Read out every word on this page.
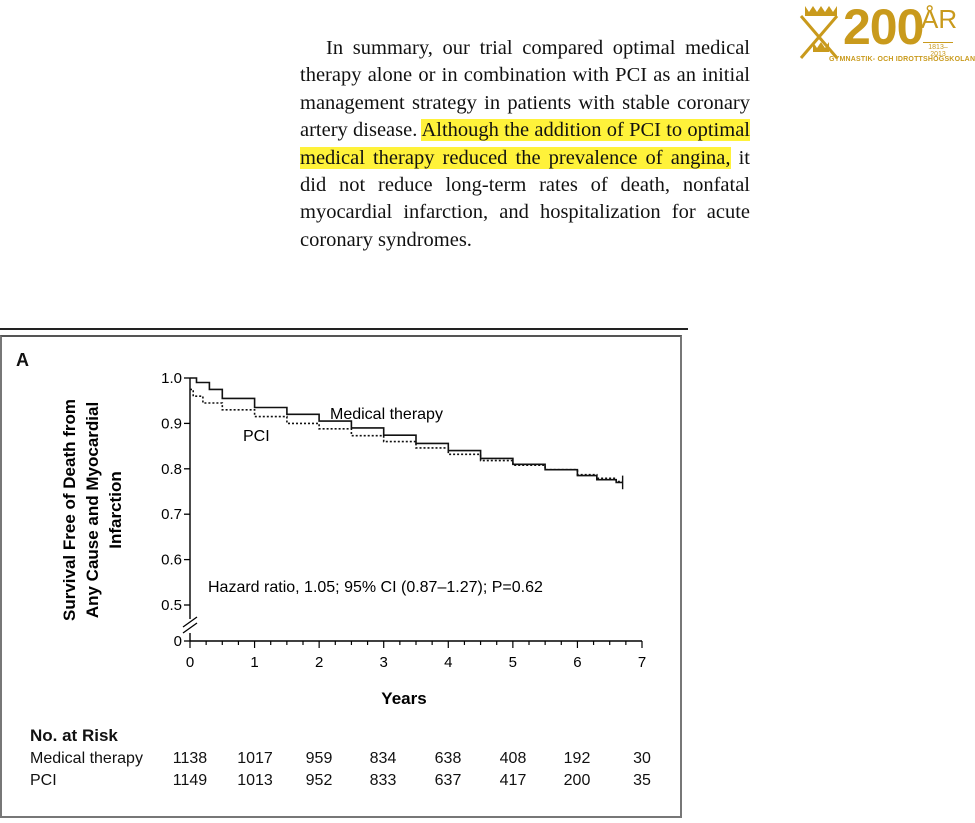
200
ÅR
1813–2013
GYMNASTIK- OCH IDROTTSHÖGSKOLAN

In summary, our trial compared optimal medical therapy alone or in combination with PCI as an initial management strategy in patients with stable coronary artery disease. Although the addition of PCI to optimal medical therapy reduced the prevalence of angina, it did not reduce long-term rates of death, nonfatal myocardial infarction, and hospitalization for acute coronary syndromes.

A
0
0.5
0.6
0.7
0.8
0.9
1.0
0	1	2	3	4	5	6	7
Medical therapy
PCI
Hazard ratio, 1.05; 95% CI (0.87–1.27); P=0.62
Years
Survival Free of Death from Any Cause and Myocardial Infarction
No. at Risk
Medical therapy	1138	1017	959	834	638	408	192	30
PCI	1149	1013	952	833	637	417	200	35
